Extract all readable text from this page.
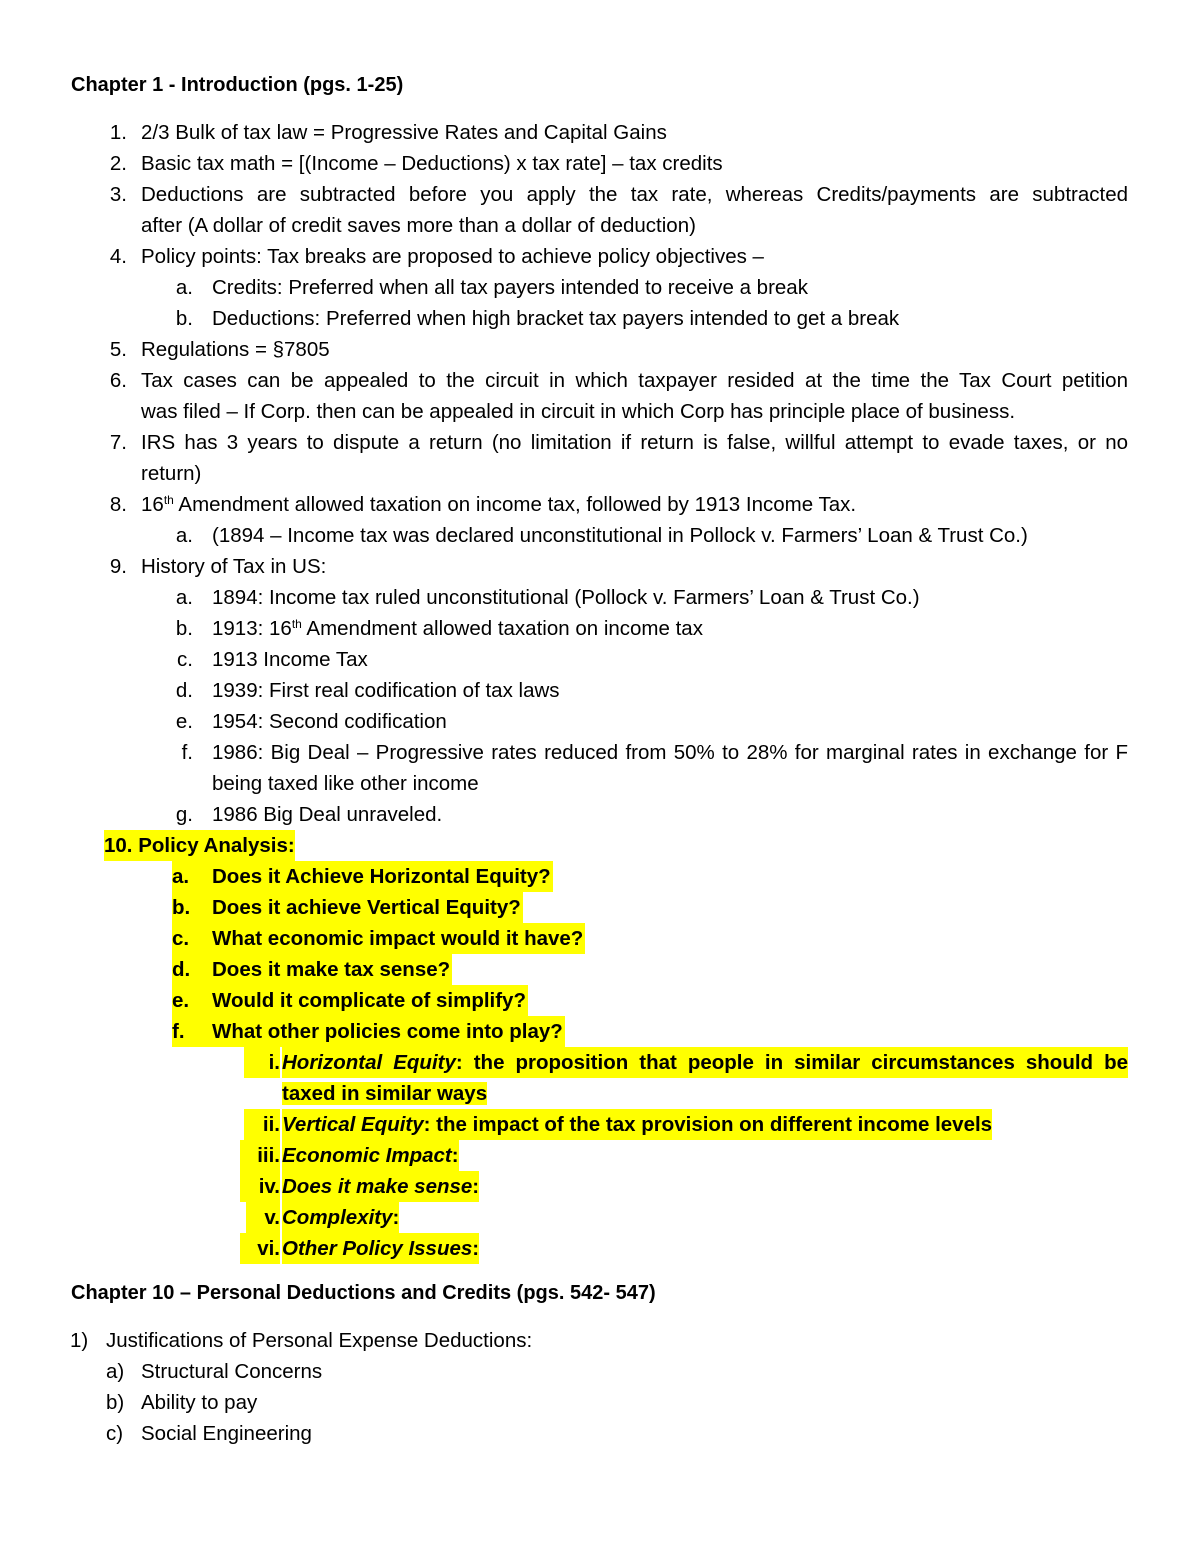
Chapter 1 - Introduction (pgs. 1-25)
1. 2/3 Bulk of tax law = Progressive Rates and Capital Gains
2. Basic tax math = [(Income – Deductions) x tax rate] – tax credits
3. Deductions are subtracted before you apply the tax rate, whereas Credits/payments are subtracted
after (A dollar of credit saves more than a dollar of deduction)
4. Policy points: Tax breaks are proposed to achieve policy objectives –
a. Credits: Preferred when all tax payers intended to receive a break
b. Deductions: Preferred when high bracket tax payers intended to get a break
5. Regulations = §7805
6. Tax cases can be appealed to the circuit in which taxpayer resided at the time the Tax Court petition
was filed – If Corp. then can be appealed in circuit in which Corp has principle place of business.
7. IRS has 3 years to dispute a return (no limitation if return is false, willful attempt to evade taxes, or no
return)
8. 16th Amendment allowed taxation on income tax, followed by 1913 Income Tax.
a. (1894 – Income tax was declared unconstitutional in Pollock v. Farmers’ Loan & Trust Co.)
9. History of Tax in US:
a. 1894: Income tax ruled unconstitutional (Pollock v. Farmers’ Loan & Trust Co.)
b. 1913: 16th Amendment allowed taxation on income tax
c. 1913 Income Tax
d. 1939: First real codification of tax laws
e. 1954: Second codification
f. 1986: Big Deal – Progressive rates reduced from 50% to 28% for marginal rates in exchange for F
being taxed like other income
g. 1986 Big Deal unraveled.
10. Policy Analysis:
a. Does it Achieve Horizontal Equity?
b. Does it achieve Vertical Equity?
c. What economic impact would it have?
d. Does it make tax sense?
e. Would it complicate of simplify?
f. What other policies come into play?
i. Horizontal Equity: the proposition that people in similar circumstances should be
taxed in similar ways
ii. Vertical Equity: the impact of the tax provision on different income levels
iii. Economic Impact:
iv. Does it make sense:
v. Complexity:
vi. Other Policy Issues:
Chapter 10 – Personal Deductions and Credits (pgs. 542- 547)
1) Justifications of Personal Expense Deductions:
a) Structural Concerns
b) Ability to pay
c) Social Engineering
